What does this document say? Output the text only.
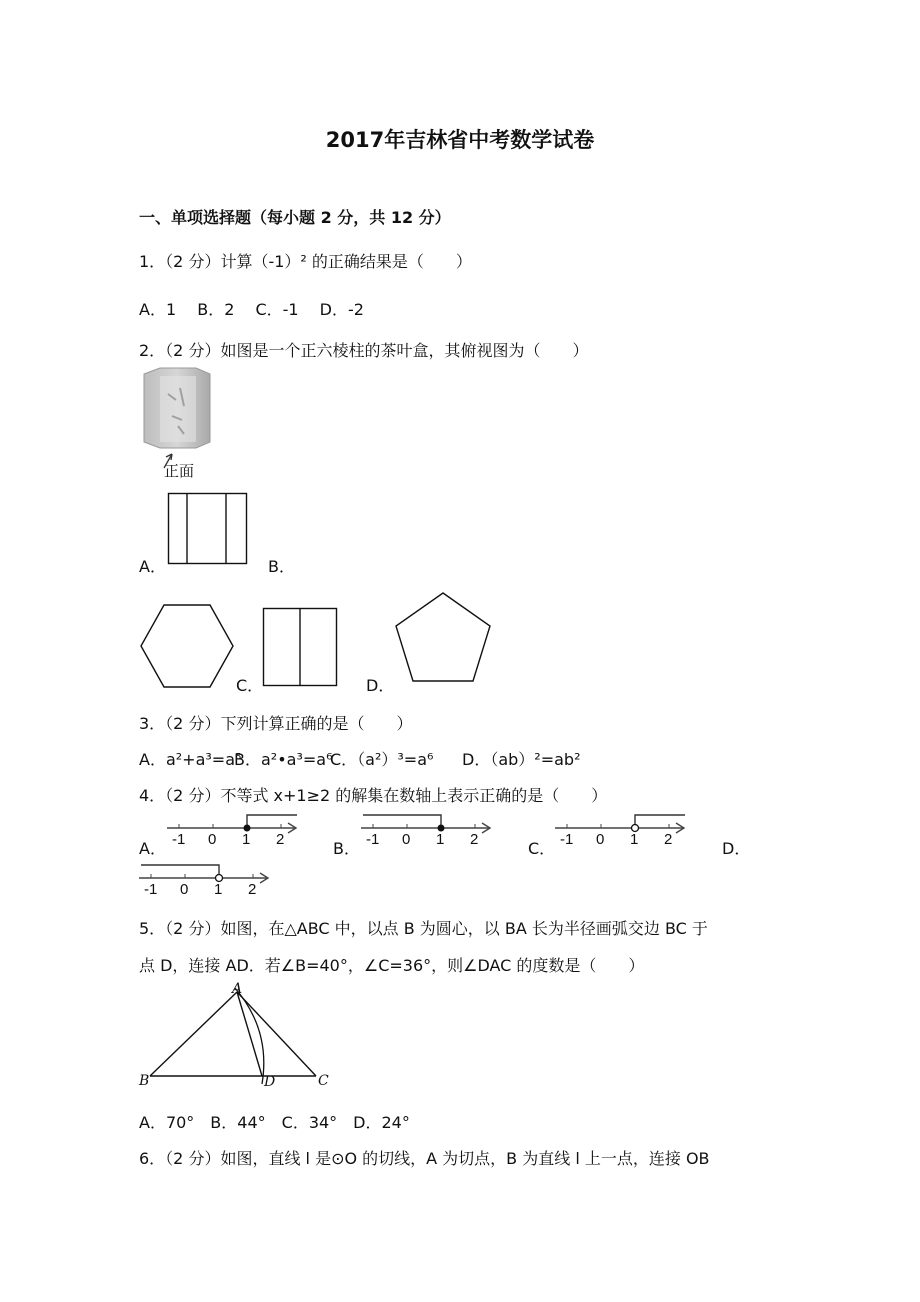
2017年吉林省中考数学试卷
一、单项选择题（每小题 2 分，共 12 分）
1．（2 分）计算（-1）² 的正确结果是（　　）
A．1　 B．2　 C．-1　 D．-2
2．（2 分）如图是一个正六棱柱的茶叶盒，其俯视图为（　　）
正面
A．	B．
C．	D．
3．（2 分）下列计算正确的是（　　）
A．a²+a³=a⁵
B．a²•a³=a⁶
C．（a²）³=a⁶ D．（ab）²=ab²
4．（2 分）不等式 x+1≥2 的解集在数轴上表示正确的是（　　）
A． -1 0 1 2	B． -1 0 1 2	C． -1 0 1 2	D．
-1 0 1 2
5．（2 分）如图，在△ABC 中，以点 B 为圆心，以 BA 长为半径画弧交边 BC 于
点 D，连接 AD．若∠B=40°，∠C=36°，则∠DAC 的度数是（　　）
A
B	D	C
A．70°　B．44°　C．34°　D．24°
6．（2 分）如图，直线 l 是⊙O 的切线，A 为切点，B 为直线 l 上一点，连接 OB
